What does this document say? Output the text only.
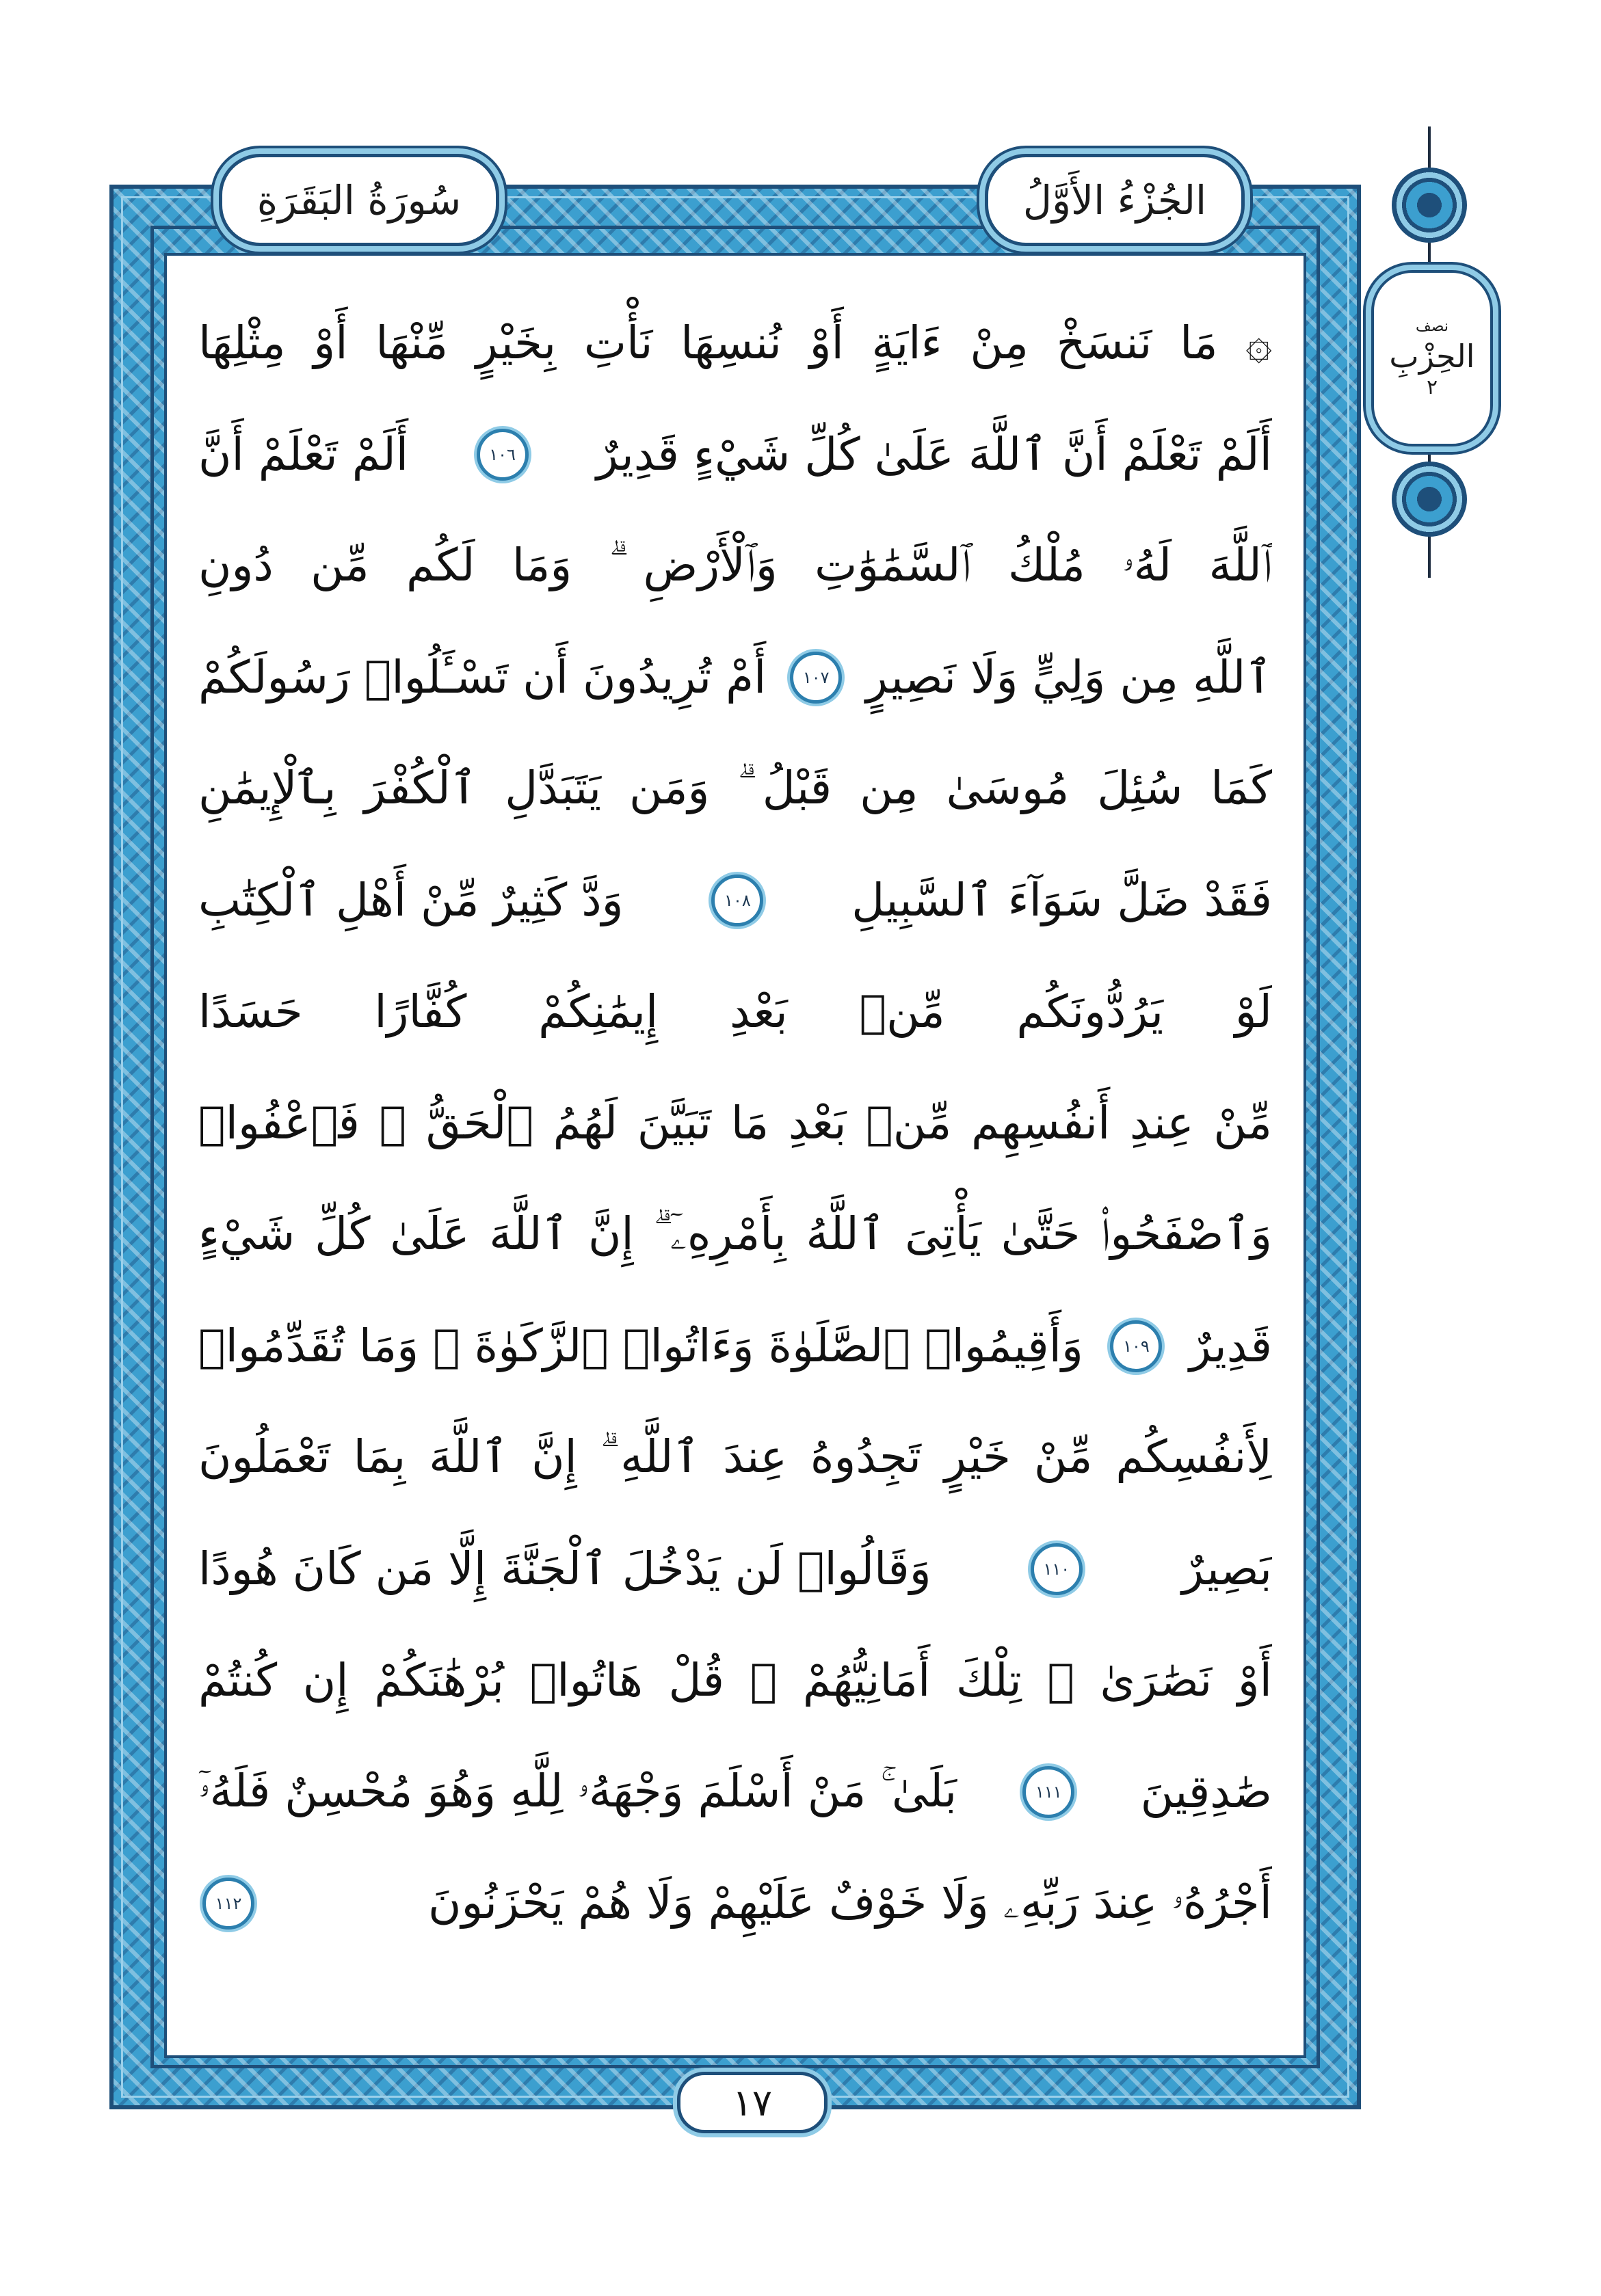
سُورَةُ البَقَرَةِ	الجُزْءُ الأَوَّلُ
نصف
الحِزْبِ
٢
۞ مَا نَنسَخْ مِنْ ءَايَةٍ أَوْ نُنسِهَا نَأْتِ بِخَيْرٍ مِّنْهَا أَوْ مِثْلِهَا
أَلَمْ تَعْلَمْ أَنَّ ٱللَّهَ عَلَىٰ كُلِّ شَيْءٍ قَدِيرٌ
١٠٦
أَلَمْ تَعْلَمْ أَنَّ
ٱللَّهَ لَهُۥ مُلْكُ ٱلسَّمَٰوَٰتِ وَٱلْأَرْضِ ۗ وَمَا لَكُم مِّن دُونِ
ٱللَّهِ مِن وَلِيٍّ وَلَا نَصِيرٍ
١٠٧
أَمْ تُرِيدُونَ أَن تَسْـَٔلُوا۟ رَسُولَكُمْ
كَمَا سُئِلَ مُوسَىٰ مِن قَبْلُ ۗ وَمَن يَتَبَدَّلِ ٱلْكُفْرَ بِٱلْإِيمَٰنِ
فَقَدْ ضَلَّ سَوَآءَ ٱلسَّبِيلِ
١٠٨
وَدَّ كَثِيرٌ مِّنْ أَهْلِ ٱلْكِتَٰبِ
لَوْ يَرُدُّونَكُم مِّنۢ بَعْدِ إِيمَٰنِكُمْ كُفَّارًا حَسَدًا
مِّنْ عِندِ أَنفُسِهِم مِّنۢ بَعْدِ مَا تَبَيَّنَ لَهُمُ ٱلْحَقُّ ۖ فَٱعْفُوا۟
وَٱصْفَحُوا۟ حَتَّىٰ يَأْتِىَ ٱللَّهُ بِأَمْرِهِۦٓ ۗ إِنَّ ٱللَّهَ عَلَىٰ كُلِّ شَيْءٍ
قَدِيرٌ
١٠٩
وَأَقِيمُوا۟ ٱلصَّلَوٰةَ وَءَاتُوا۟ ٱلزَّكَوٰةَ ۚ وَمَا تُقَدِّمُوا۟
لِأَنفُسِكُم مِّنْ خَيْرٍ تَجِدُوهُ عِندَ ٱللَّهِ ۗ إِنَّ ٱللَّهَ بِمَا تَعْمَلُونَ
بَصِيرٌ
١١٠
وَقَالُوا۟ لَن يَدْخُلَ ٱلْجَنَّةَ إِلَّا مَن كَانَ هُودًا
أَوْ نَصَٰرَىٰ ۗ تِلْكَ أَمَانِيُّهُمْ ۗ قُلْ هَاتُوا۟ بُرْهَٰنَكُمْ إِن كُنتُمْ
صَٰدِقِينَ
١١١
بَلَىٰ ۚ مَنْ أَسْلَمَ وَجْهَهُۥ لِلَّهِ وَهُوَ مُحْسِنٌ فَلَهُۥٓ
أَجْرُهُۥ عِندَ رَبِّهِۦ وَلَا خَوْفٌ عَلَيْهِمْ وَلَا هُمْ يَحْزَنُونَ
١١٢
١٧
